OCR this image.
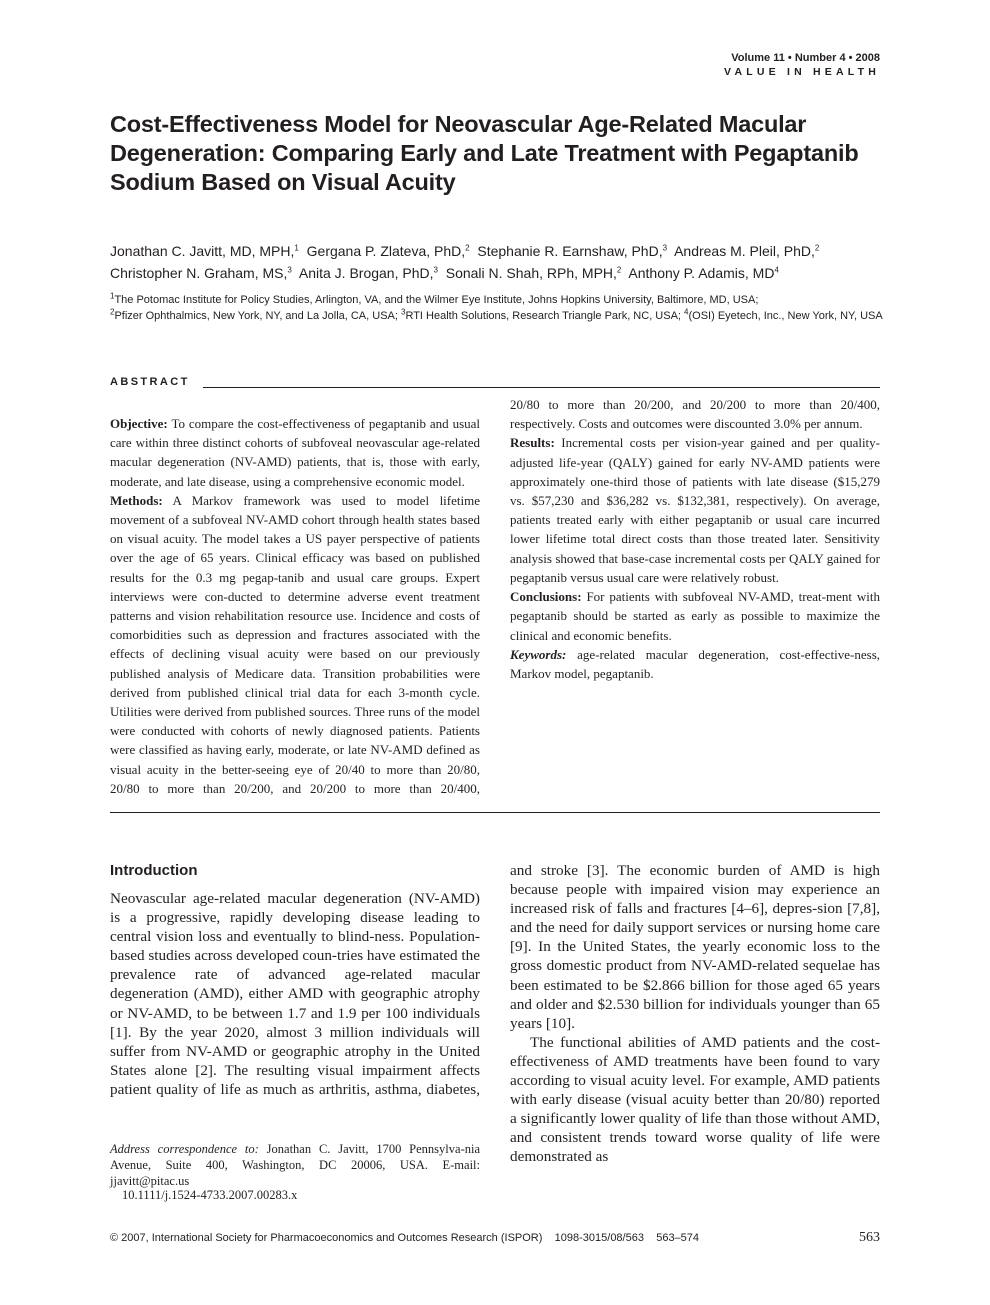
Volume 11 • Number 4 • 2008
VALUE IN HEALTH
Cost-Effectiveness Model for Neovascular Age-Related Macular Degeneration: Comparing Early and Late Treatment with Pegaptanib Sodium Based on Visual Acuity
Jonathan C. Javitt, MD, MPH,$^1$ Gergana P. Zlateva, PhD,$^2$ Stephanie R. Earnshaw, PhD,$^3$ Andreas M. Pleil, PhD,$^2$
Christopher N. Graham, MS,$^3$ Anita J. Brogan, PhD,$^3$ Sonali N. Shah, RPh, MPH,$^2$ Anthony P. Adamis, $MD^4$
$^1$The Potomac Institute for Policy Studies, Arlington, VA, and the Wilmer Eye Institute, Johns Hopkins University, Baltimore, MD, USA;
$^2$Pfizer Ophthalmics, New York, NY, and La Jolla, CA, USA; $^3$RTI Health Solutions, Research Triangle Park, NC, USA; $^4$(OSI) Eyetech, Inc., New York, NY, USA
ABSTRACT

Objective: To compare the cost-effectiveness of pegaptanib and usual care within three distinct cohorts of subfoveal neovascular age-related macular degeneration (NV-AMD) patients, that is, those with early, moderate, and late disease, using a comprehensive economic model.

Methods: A Markov framework was used to model lifetime movement of a subfoveal NV-AMD cohort through health states based on visual acuity. The model takes a US payer perspective of patients over the age of 65 years. Clinical efficacy was based on published results for the 0.3 mg pegap-tanib and usual care groups. Expert interviews were con-ducted to determine adverse event treatment patterns and vision rehabilitation resource use. Incidence and costs of comorbidities such as depression and fractures associated with the effects of declining visual acuity were based on our previously published analysis of Medicare data. Transition probabilities were derived from published clinical trial data for each 3-month cycle. Utilities were derived from published sources. Three runs of the model were conducted with cohorts of newly diagnosed patients. Patients were classified as having early, moderate, or late NV-AMD defined as visual acuity in the better-seeing eye of 20/40 to more than 20/80, 20/80 to more than 20/200, and 20/200 to more than 20/400,

20/80 to more than 20/200, and 20/200 to more than 20/400, respectively. Costs and outcomes were discounted 3.0% per annum.

Results: Incremental costs per vision-year gained and per quality-adjusted life-year (QALY) gained for early NV-AMD patients were approximately one-third those of patients with late disease ($15,279 vs. $57,230 and $36,282 vs. $132,381, respectively). On average, patients treated early with either pegaptanib or usual care incurred lower lifetime total direct costs than those treated later. Sensitivity analysis showed that base-case incremental costs per QALY gained for pegaptanib versus usual care were relatively robust.

Conclusions: For patients with subfoveal NV-AMD, treat-ment with pegaptanib should be started as early as possible to maximize the clinical and economic benefits.

Keywords: age-related macular degeneration, cost-effective-ness, Markov model, pegaptanib.

Introduction

Neovascular age-related macular degeneration (NV-AMD) is a progressive, rapidly developing disease leading to central vision loss and eventually to blind-ness. Population-based studies across developed coun-tries have estimated the prevalence rate of advanced age-related macular degeneration (AMD), either AMD with geographic atrophy or NV-AMD, to be between 1.7 and 1.9 per 100 individuals [1]. By the year 2020, almost 3 million individuals will suffer from NV-AMD or geographic atrophy in the United States alone [2]. The resulting visual impairment affects patient quality of life as much as arthritis, asthma, diabetes,

and stroke [3]. The economic burden of AMD is high because people with impaired vision may experience an increased risk of falls and fractures [4–6], depres-sion [7,8], and the need for daily support services or nursing home care [9]. In the United States, the yearly economic loss to the gross domestic product from NV-AMD-related sequelae has been estimated to be $2.866 billion for those aged 65 years and older and $2.530 billion for individuals younger than 65 years [10].

The functional abilities of AMD patients and the cost-effectiveness of AMD treatments have been found to vary according to visual acuity level. For example, AMD patients with early disease (visual acuity better than 20/80) reported a significantly lower quality of life than those without AMD, and consistent trends toward worse quality of life were demonstrated as

Address correspondence to: Jonathan C. Javitt, 1700 Pennsylva-nia Avenue, Suite 400, Washington, DC 20006, USA. E-mail: jjavitt@pitac.us

10.1111/j.1524-4733.2007.00283.x
© 2007, International Society for Pharmacoeconomics and Outcomes Research (ISPOR) 1098-3015/08/563 563–574	563
